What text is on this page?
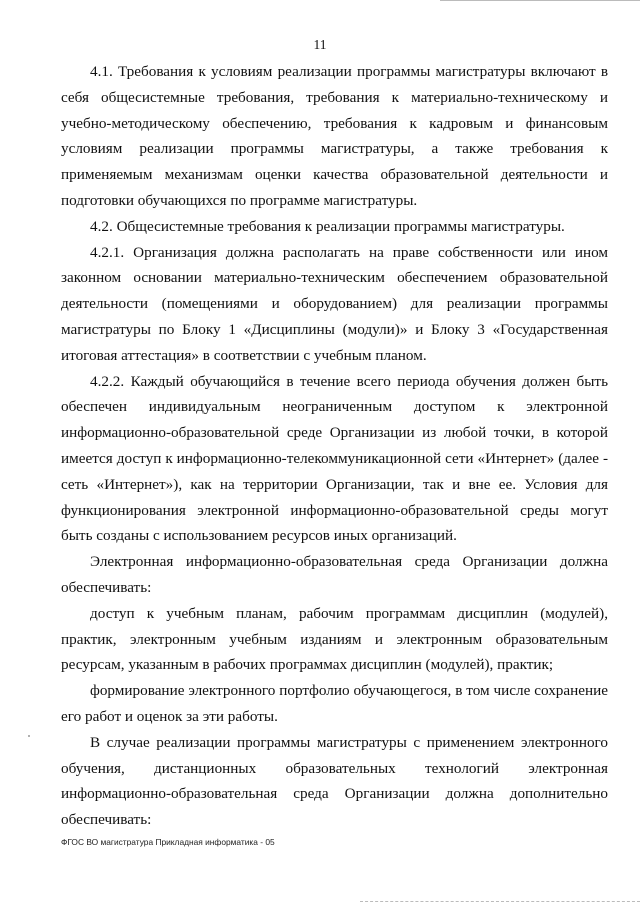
11

4.1. Требования к условиям реализации программы магистратуры включают в себя общесистемные требования, требования к материально-техническому и учебно-методическому обеспечению, требования к кадровым и финансовым условиям реализации программы магистратуры, а также требования к применяемым механизмам оценки качества образовательной деятельности и подготовки обучающихся по программе магистратуры.

4.2. Общесистемные требования к реализации программы магистратуры.

4.2.1. Организация должна располагать на праве собственности или ином законном основании материально-техническим обеспечением образовательной деятельности (помещениями и оборудованием) для реализации программы магистратуры по Блоку 1 «Дисциплины (модули)» и Блоку 3 «Государственная итоговая аттестация» в соответствии с учебным планом.

4.2.2. Каждый обучающийся в течение всего периода обучения должен быть обеспечен индивидуальным неограниченным доступом к электронной информационно-образовательной среде Организации из любой точки, в которой имеется доступ к информационно-телекоммуникационной сети «Интернет» (далее - сеть «Интернет»), как на территории Организации, так и вне ее. Условия для функционирования электронной информационно-образовательной среды могут быть созданы с использованием ресурсов иных организаций.

Электронная информационно-образовательная среда Организации должна обеспечивать:

доступ к учебным планам, рабочим программам дисциплин (модулей), практик, электронным учебным изданиям и электронным образовательным ресурсам, указанным в рабочих программах дисциплин (модулей), практик;

формирование электронного портфолио обучающегося, в том числе сохранение его работ и оценок за эти работы.

В случае реализации программы магистратуры с применением электронного обучения, дистанционных образовательных технологий электронная информационно-образовательная среда Организации должна дополнительно обеспечивать:

ФГОС ВО магистратура Прикладная информатика - 05
